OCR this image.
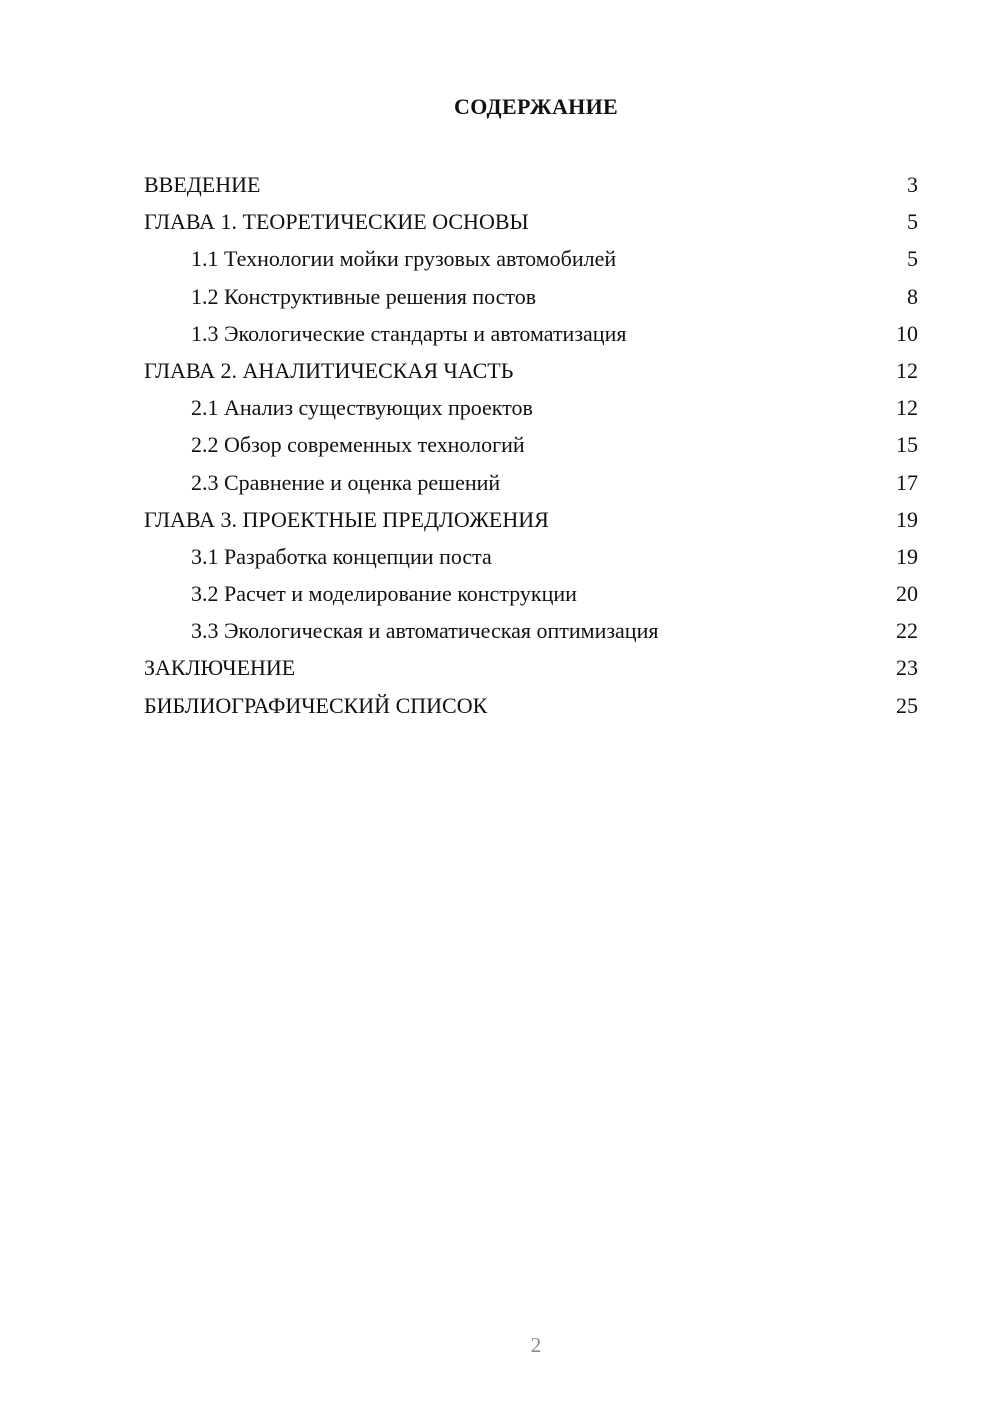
СОДЕРЖАНИЕ
ВВЕДЕНИЕ	3
ГЛАВА 1. ТЕОРЕТИЧЕСКИЕ ОСНОВЫ	5
1.1 Технологии мойки грузовых автомобилей	5
1.2 Конструктивные решения постов	8
1.3 Экологические стандарты и автоматизация	10
ГЛАВА 2. АНАЛИТИЧЕСКАЯ ЧАСТЬ	12
2.1 Анализ существующих проектов	12
2.2 Обзор современных технологий	15
2.3 Сравнение и оценка решений	17
ГЛАВА 3. ПРОЕКТНЫЕ ПРЕДЛОЖЕНИЯ	19
3.1 Разработка концепции поста	19
3.2 Расчет и моделирование конструкции	20
3.3 Экологическая и автоматическая оптимизация	22
ЗАКЛЮЧЕНИЕ	23
БИБЛИОГРАФИЧЕСКИЙ СПИСОК	25
2
